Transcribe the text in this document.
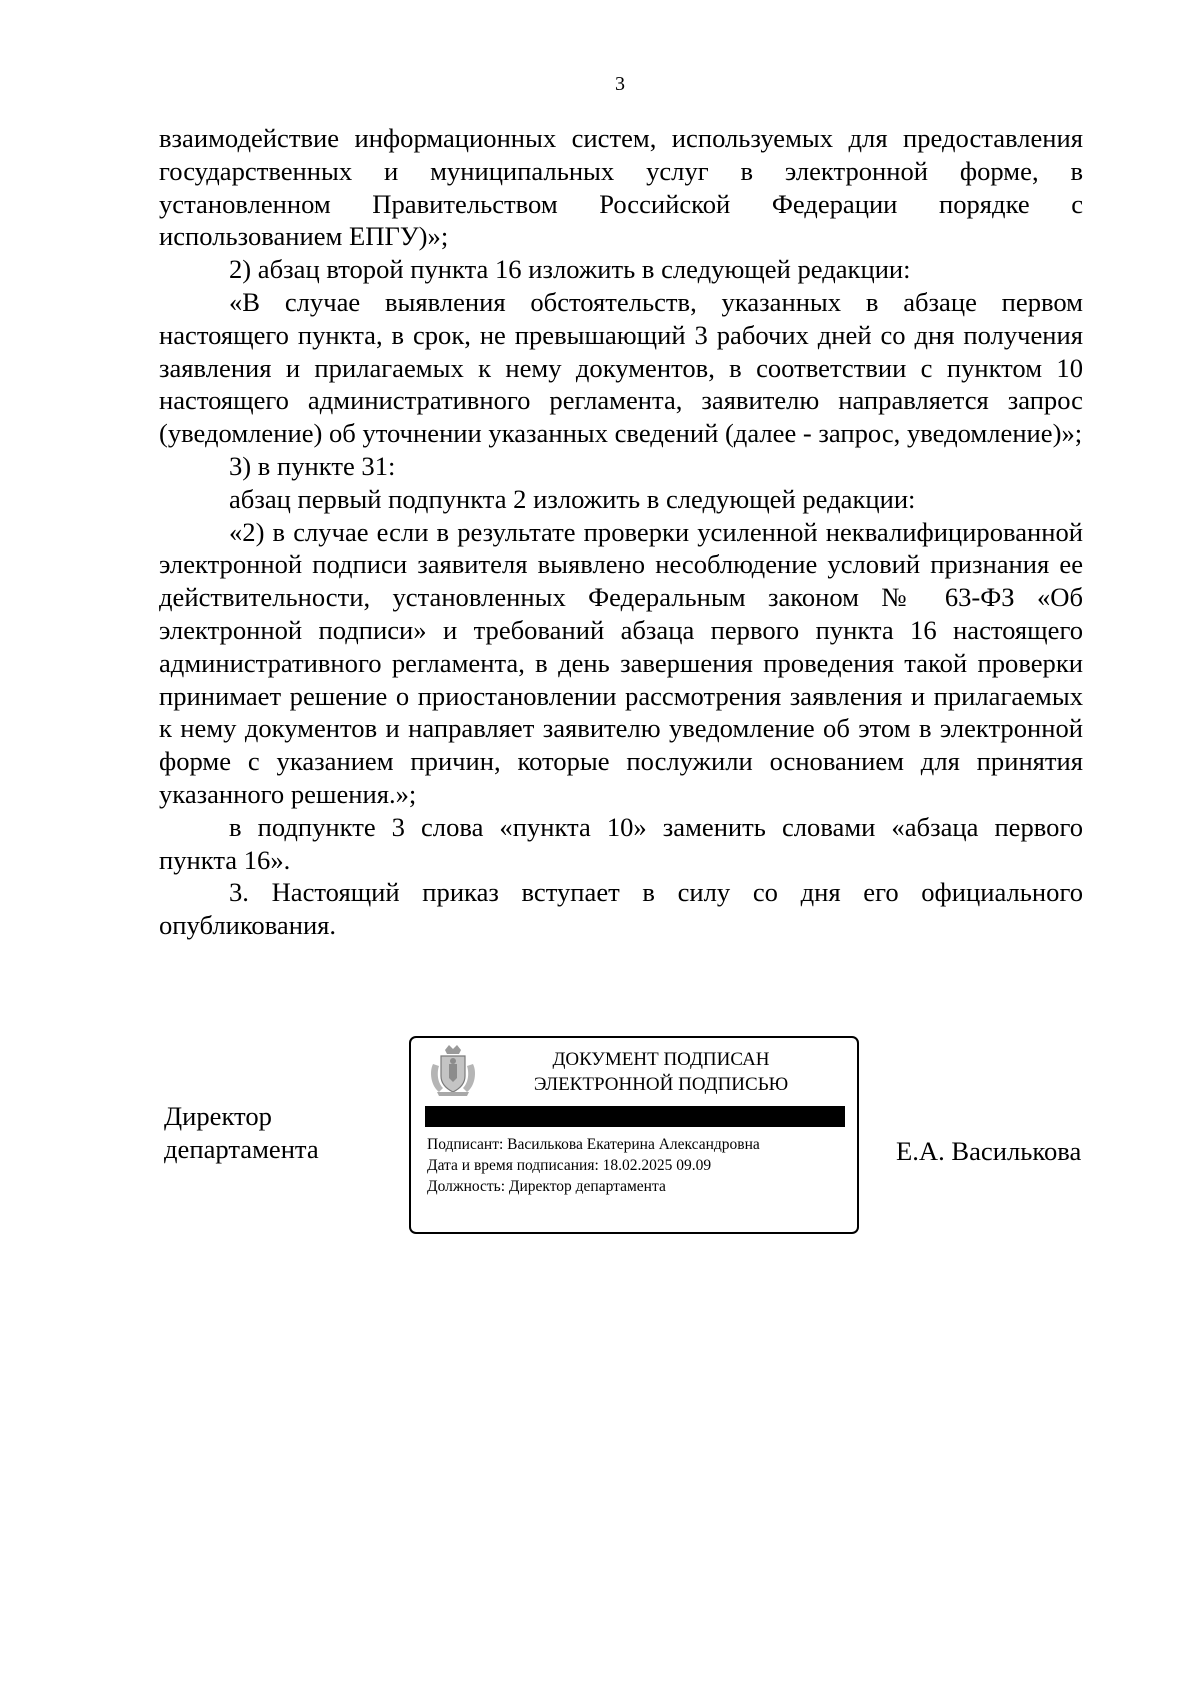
3

взаимодействие информационных систем, используемых для предоставления государственных и муниципальных услуг в электронной форме, в установленном Правительством Российской Федерации порядке с использованием ЕПГУ)»;

2) абзац второй пункта 16 изложить в следующей редакции:

«В случае выявления обстоятельств, указанных в абзаце первом настоящего пункта, в срок, не превышающий 3 рабочих дней со дня получения заявления и прилагаемых к нему документов, в соответствии с пунктом 10 настоящего административного регламента, заявителю направляется запрос (уведомление) об уточнении указанных сведений (далее - запрос, уведомление)»;

3) в пункте 31:

абзац первый подпункта 2 изложить в следующей редакции:

«2) в случае если в результате проверки усиленной неквалифицированной электронной подписи заявителя выявлено несоблюдение условий признания ее действительности, установленных Федеральным законом № 63-ФЗ «Об электронной подписи» и требований абзаца первого пункта 16 настоящего административного регламента, в день завершения проведения такой проверки принимает решение о приостановлении рассмотрения заявления и прилагаемых к нему документов и направляет заявителю уведомление об этом в электронной форме с указанием причин, которые послужили основанием для принятия указанного решения.»;

в подпункте 3 слова «пункта 10» заменить словами «абзаца первого пункта 16».

3. Настоящий приказ вступает в силу со дня его официального опубликования.

Директор
департамента
ДОКУМЕНТ ПОДПИСАН
ЭЛЕКТРОННОЙ ПОДПИСЬЮ
Подписант: Василькова Екатерина Александровна
Дата и время подписания: 18.02.2025 09.09
Должность: Директор департамента
Е.А. Василькова
